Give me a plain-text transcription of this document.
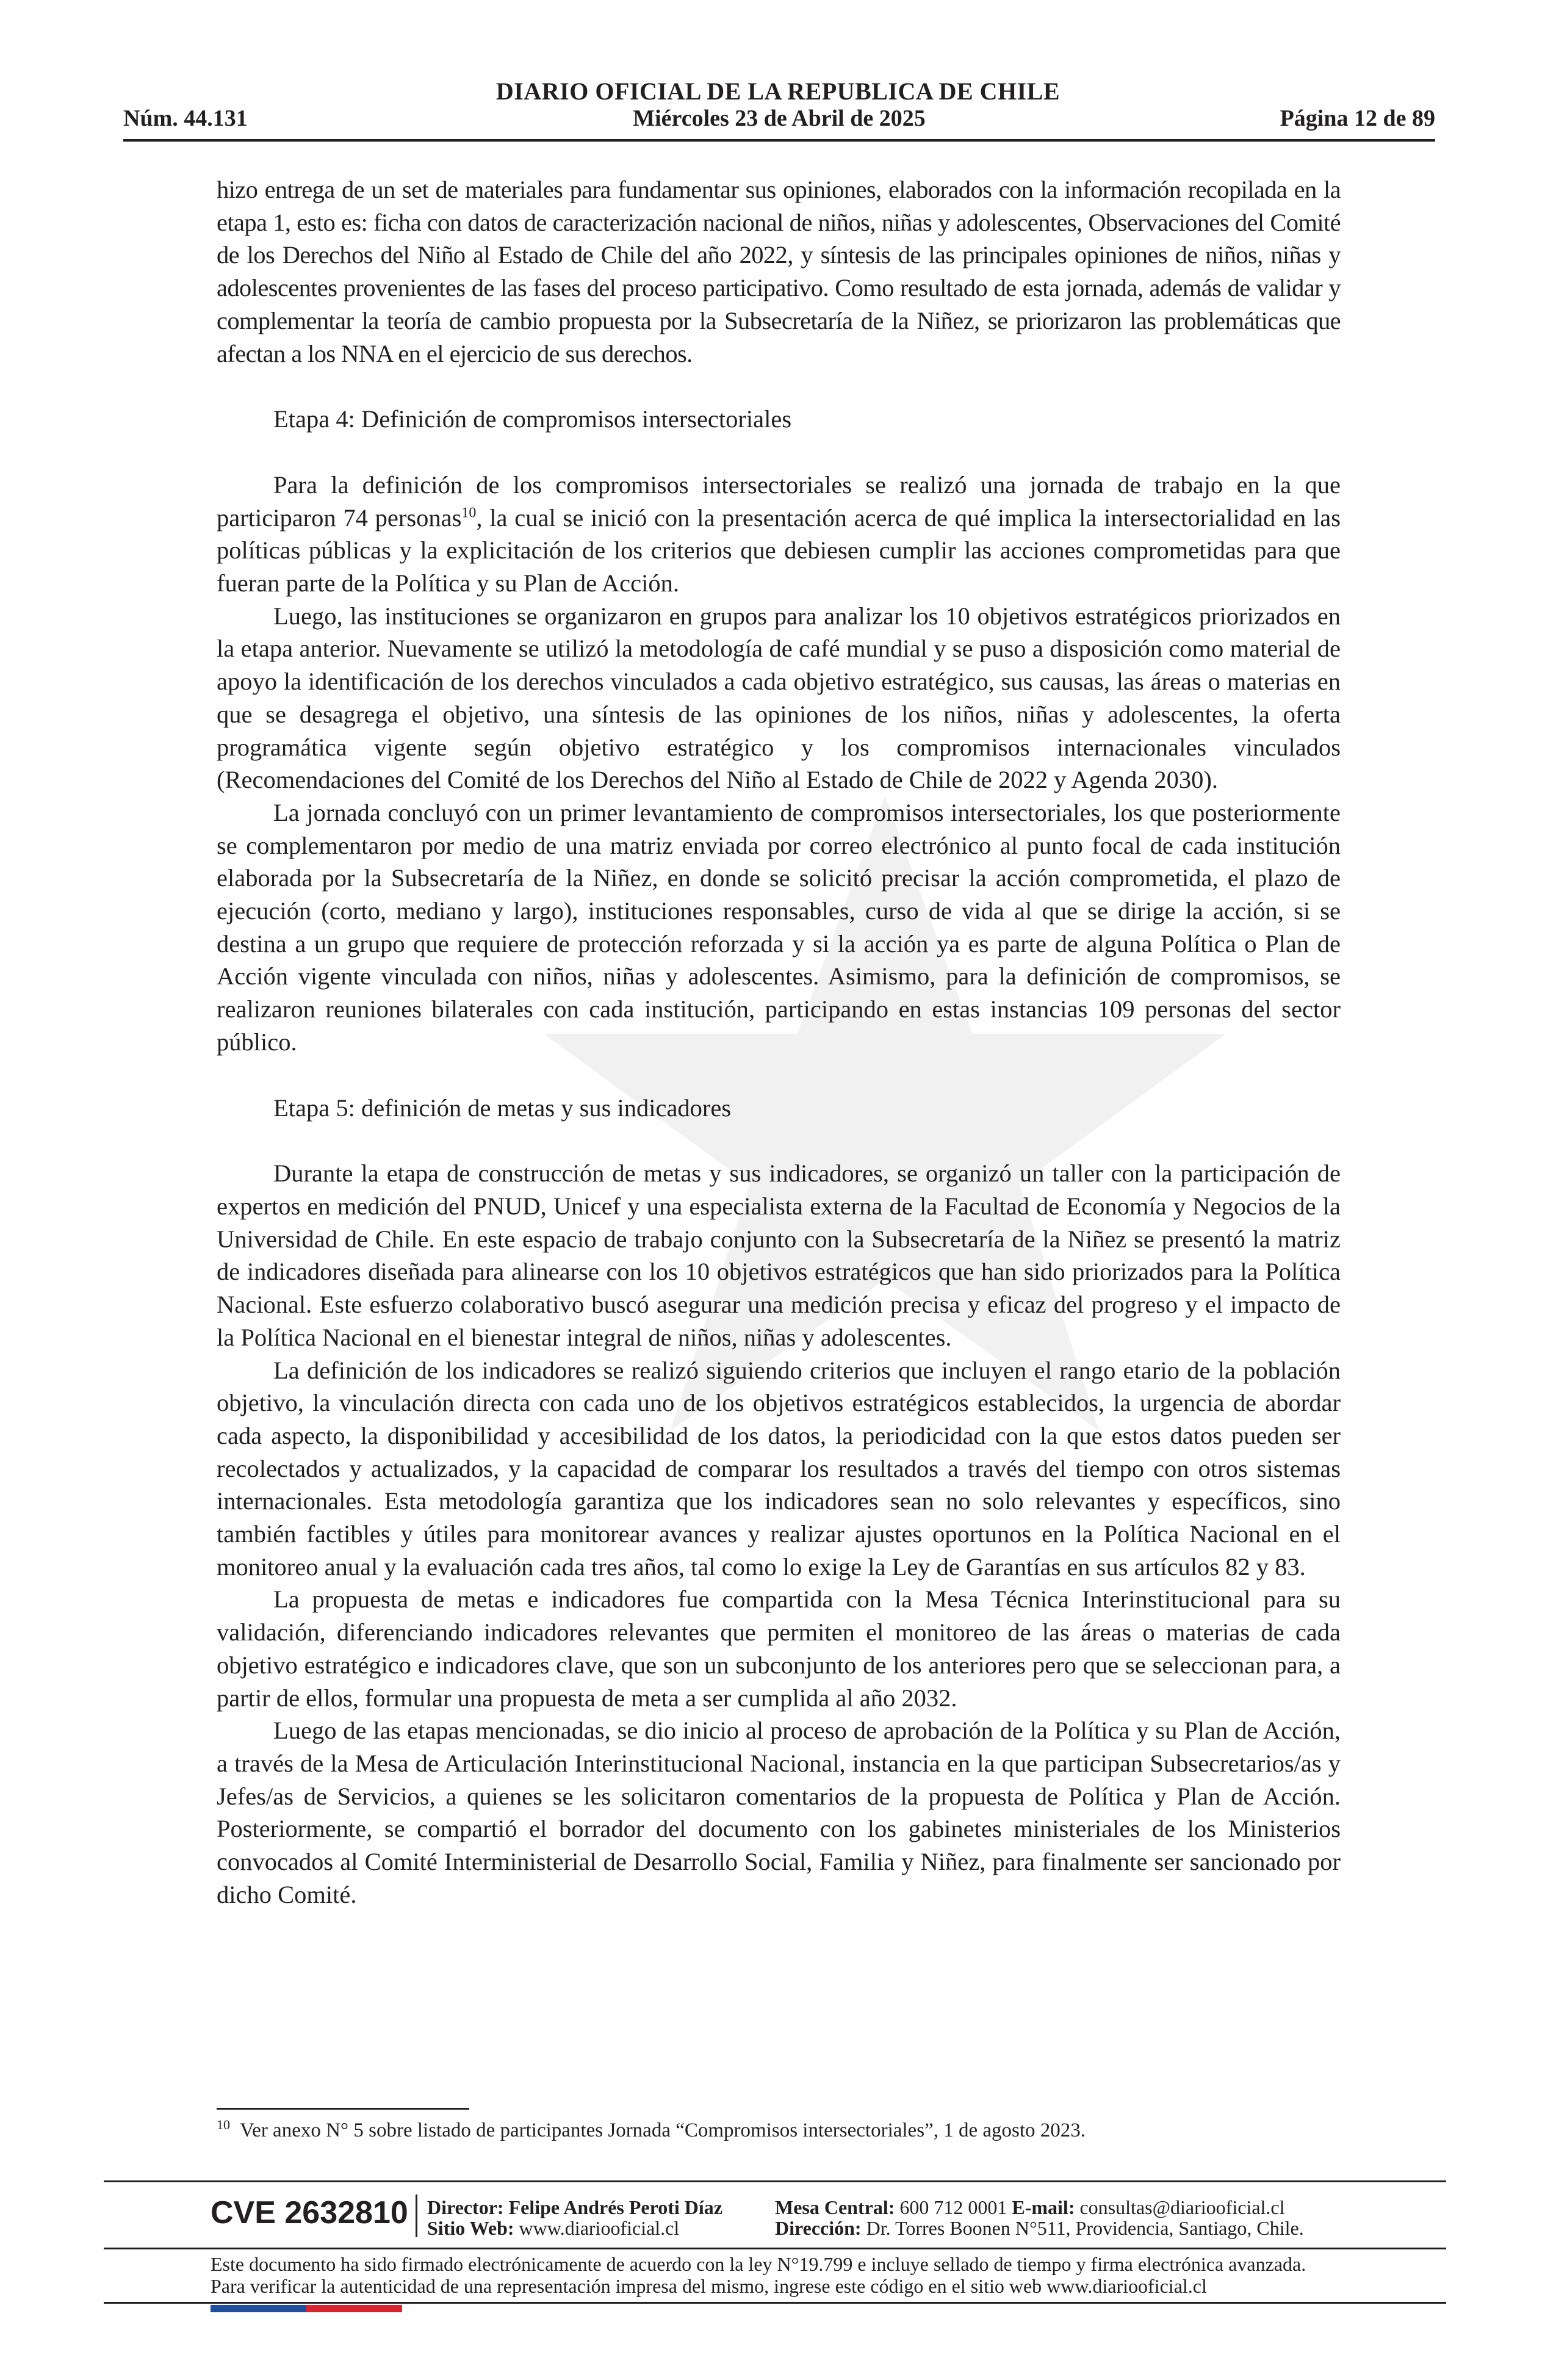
DIARIO OFICIAL DE LA REPUBLICA DE CHILE
Núm. 44.131	Miércoles 23 de Abril de 2025	Página 12 de 89

hizo entrega de un set de materiales para fundamentar sus opiniones, elaborados con la información recopilada en la etapa 1, esto es: ficha con datos de caracterización nacional de niños, niñas y adolescentes, Observaciones del Comité de los Derechos del Niño al Estado de Chile del año 2022, y síntesis de las principales opiniones de niños, niñas y adolescentes provenientes de las fases del proceso participativo. Como resultado de esta jornada, además de validar y complementar la teoría de cambio propuesta por la Subsecretaría de la Niñez, se priorizaron las problemáticas que afectan a los NNA en el ejercicio de sus derechos.

Etapa 4: Definición de compromisos intersectoriales

Para la definición de los compromisos intersectoriales se realizó una jornada de trabajo en la que participaron 74 personas$^{10}$, la cual se inició con la presentación acerca de qué implica la intersectorialidad en las políticas públicas y la explicitación de los criterios que debiesen cumplir las acciones comprometidas para que fueran parte de la Política y su Plan de Acción.

Luego, las instituciones se organizaron en grupos para analizar los 10 objetivos estratégicos priorizados en la etapa anterior. Nuevamente se utilizó la metodología de café mundial y se puso a disposición como material de apoyo la identificación de los derechos vinculados a cada objetivo estratégico, sus causas, las áreas o materias en que se desagrega el objetivo, una síntesis de las opiniones de los niños, niñas y adolescentes, la oferta programática vigente según objetivo estratégico y los compromisos internacionales vinculados (Recomendaciones del Comité de los Derechos del Niño al Estado de Chile de 2022 y Agenda 2030).

La jornada concluyó con un primer levantamiento de compromisos intersectoriales, los que posteriormente se complementaron por medio de una matriz enviada por correo electrónico al punto focal de cada institución elaborada por la Subsecretaría de la Niñez, en donde se solicitó precisar la acción comprometida, el plazo de ejecución (corto, mediano y largo), instituciones responsables, curso de vida al que se dirige la acción, si se destina a un grupo que requiere de protección reforzada y si la acción ya es parte de alguna Política o Plan de Acción vigente vinculada con niños, niñas y adolescentes. Asimismo, para la definición de compromisos, se realizaron reuniones bilaterales con cada institución, participando en estas instancias 109 personas del sector público.

Etapa 5: definición de metas y sus indicadores

Durante la etapa de construcción de metas y sus indicadores, se organizó un taller con la participación de expertos en medición del PNUD, Unicef y una especialista externa de la Facultad de Economía y Negocios de la Universidad de Chile. En este espacio de trabajo conjunto con la Subsecretaría de la Niñez se presentó la matriz de indicadores diseñada para alinearse con los 10 objetivos estratégicos que han sido priorizados para la Política Nacional. Este esfuerzo colaborativo buscó asegurar una medición precisa y eficaz del progreso y el impacto de la Política Nacional en el bienestar integral de niños, niñas y adolescentes.

La definición de los indicadores se realizó siguiendo criterios que incluyen el rango etario de la población objetivo, la vinculación directa con cada uno de los objetivos estratégicos establecidos, la urgencia de abordar cada aspecto, la disponibilidad y accesibilidad de los datos, la periodicidad con la que estos datos pueden ser recolectados y actualizados, y la capacidad de comparar los resultados a través del tiempo con otros sistemas internacionales. Esta metodología garantiza que los indicadores sean no solo relevantes y específicos, sino también factibles y útiles para monitorear avances y realizar ajustes oportunos en la Política Nacional en el monitoreo anual y la evaluación cada tres años, tal como lo exige la Ley de Garantías en sus artículos 82 y 83.

La propuesta de metas e indicadores fue compartida con la Mesa Técnica Interinstitucional para su validación, diferenciando indicadores relevantes que permiten el monitoreo de las áreas o materias de cada objetivo estratégico e indicadores clave, que son un subconjunto de los anteriores pero que se seleccionan para, a partir de ellos, formular una propuesta de meta a ser cumplida al año 2032.

Luego de las etapas mencionadas, se dio inicio al proceso de aprobación de la Política y su Plan de Acción, a través de la Mesa de Articulación Interinstitucional Nacional, instancia en la que participan Subsecretarios/as y Jefes/as de Servicios, a quienes se les solicitaron comentarios de la propuesta de Política y Plan de Acción. Posteriormente, se compartió el borrador del documento con los gabinetes ministeriales de los Ministerios convocados al Comité Interministerial de Desarrollo Social, Familia y Niñez, para finalmente ser sancionado por dicho Comité.

$^{10}$ Ver anexo N° 5 sobre listado de participantes Jornada “Compromisos intersectoriales”, 1 de agosto 2023.
CVE 2632810 Director: Felipe Andrés Peroti Díaz
Sitio Web: www.diariooficial.cl
Mesa Central: 600 712 0001 E-mail: consultas@diariooficial.cl
Dirección: Dr. Torres Boonen N°511, Providencia, Santiago, Chile.
Este documento ha sido firmado electrónicamente de acuerdo con la ley N°19.799 e incluye sellado de tiempo y firma electrónica avanzada. Para verificar la autenticidad de una representación impresa del mismo, ingrese este código en el sitio web www.diariooficial.cl
